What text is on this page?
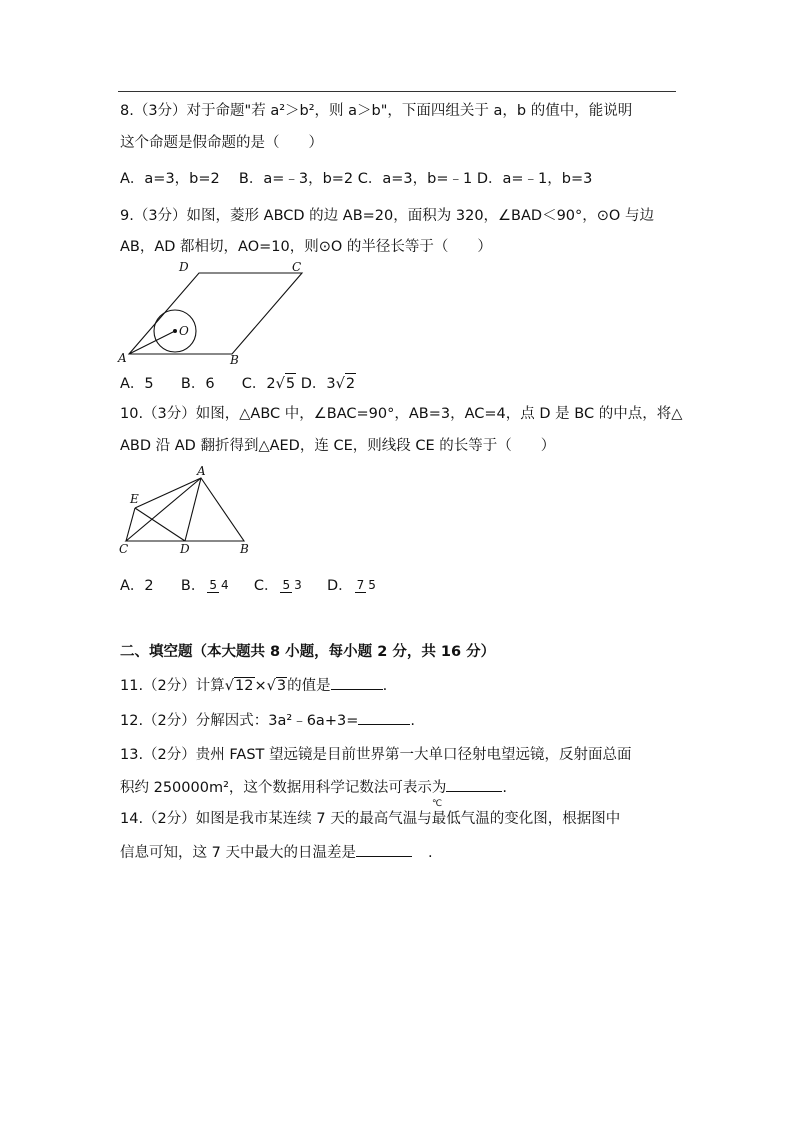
8.（3分）对于命题"若 a²＞b²，则 a＞b"，下面四组关于 a，b 的值中，能说明
这个命题是假命题的是（　　）
A．a=3，b=2　 B．a=﹣3，b=2 C．a=3，b=﹣1 D．a=﹣1，b=3
9.（3分）如图，菱形 ABCD 的边 AB=20，面积为 320，∠BAD＜90°，⊙O 与边
AB，AD 都相切，AO=10，则⊙O 的半径长等于（　　）
A	B
C
D
O
A．5 B．6 C．2√5 D．3√2
10.（3分）如图，△ABC 中，∠BAC=90°，AB=3，AC=4，点 D 是 BC 的中点，将△
ABD 沿 AD 翻折得到△AED，连 CE，则线段 CE 的长等于（　　）
A
E
C	D	B
A．2 B． 5 4 C． 5 3 D． 7 5
二、填空题（本大题共 8 小题，每小题 2 分，共 16 分）
11.（2分）计算√12×√3的值是	.
12.（2分）分解因式：3a²﹣6a+3=	.
13.（2分）贵州 FAST 望远镜是目前世界第一大单口径射电望远镜，反射面总面
积约 250000m²，这个数据用科学记数法可表示为	.
14.（2分）如图是我市某连续 7 天的最高气温与最低气温的变化图，根据图中
℃
信息可知，这 7 天中最大的日温差是	.
